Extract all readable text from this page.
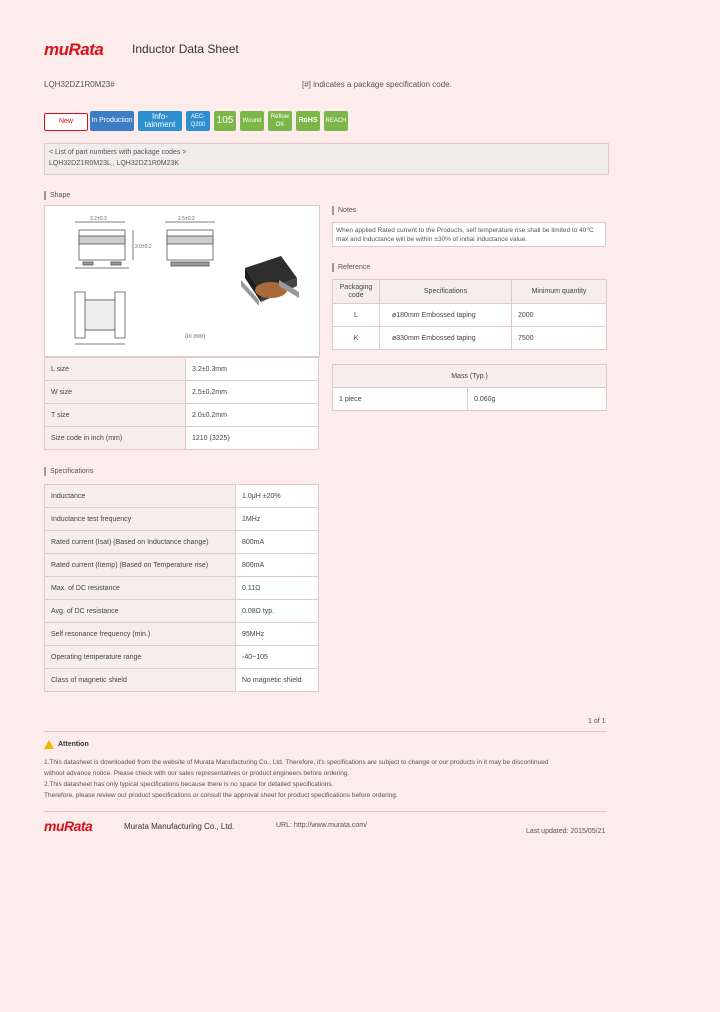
muRata Inductor Data Sheet
LQH32DZ1R0M23#	[#] indicates a package specification code.
New	In Production	Info-tainment
AEC-Q200	105	Wound
Reflow OK
RoHS	REACH
< List of part numbers with package codes >
LQH32DZ1R0M23L , LQH32DZ1R0M23K
Shape
3.2±0.3	2.5±0.2
2.0±0.2
(in mm)
L size	3.2±0.3mm
W size	2.5±0.2mm
T size	2.0±0.2mm
Size code in inch (mm)	1210 (3225)
Specifications
Inductance	1.0μH ±20%
Inductance test frequency	1MHz
Rated current (Isat) (Based on Inductance change)	800mA
Rated current (Itemp) (Based on Temperature rise)	800mA
Max. of DC resistance	0.11Ω
Avg. of DC resistance	0.08Ω typ.
Self resonance frequency (min.)	95MHz
Operating temperature range	-40~105
Class of magnetic shield	No magnetic shield
Notes
When applied Rated current to the Products, self temperature rise shall be limited to 40°C max and inductance will be within ±30% of initial inductance value.
Reference
Packaging code	Specifications	Minimum quantity
L	ø180mm Embossed taping	2000
K	ø330mm Embossed taping	7500
Mass (Typ.)
1 piece	0.060g
1 of 1
Attention
1.This datasheet is downloaded from the website of Murata Manufacturing Co., Ltd. Therefore, it's specifications are subject to change or our products in it may be discontinued
without advance notice. Please check with our sales representatives or product engineers before ordering.
2.This datasheet has only typical specifications because there is no space for detailed specifications.
Therefore, please review our product specifications or consult the approval sheet for product specifications before ordering.
muRata	Murata Manufacturing Co., Ltd.	URL: http://www.murata.com/
Last updated: 2015/05/21
